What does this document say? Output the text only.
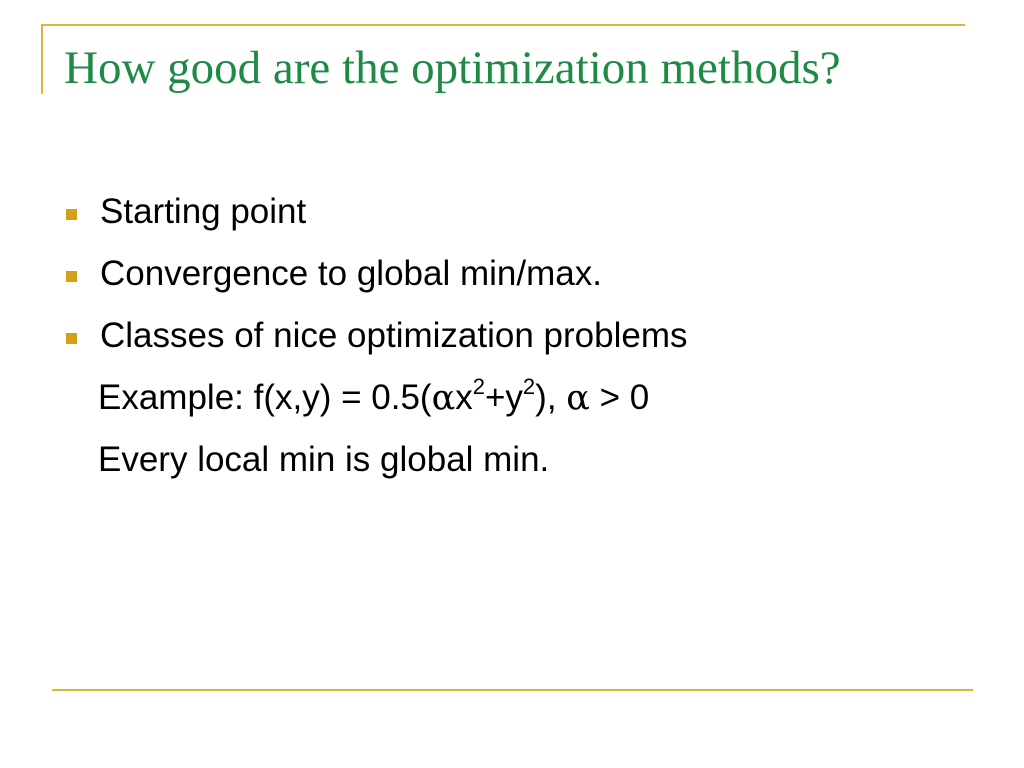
How good are the optimization methods?
Starting point
Convergence to global min/max.
Classes of nice optimization problems
Example: $f(x,y) = 0.5(\alpha x^2+y^2)$, α > 0
Every local min is global min.
